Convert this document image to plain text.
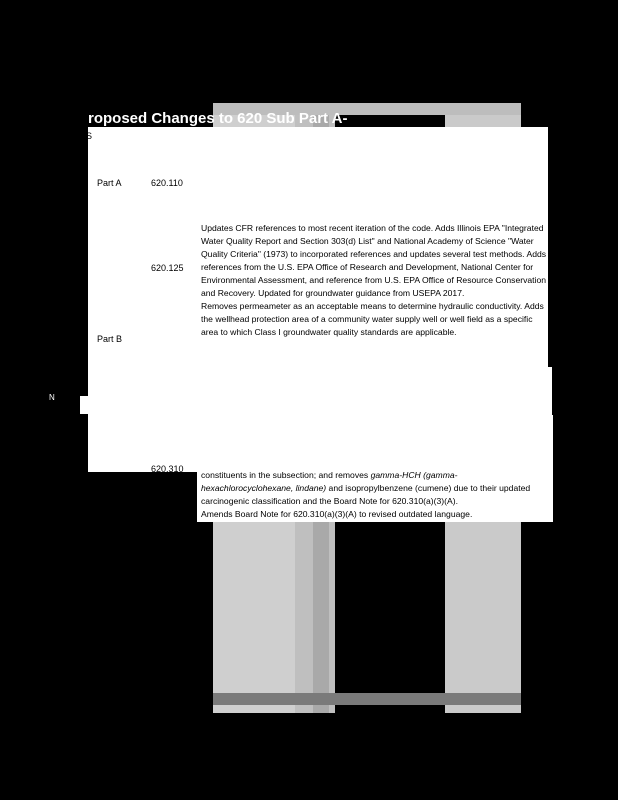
N
roposed Changes to 620 Sub Part A-
S
Part A	620.110
620.125
Part B
620.310
Updates CFR references to most recent iteration of the code. Adds Illinois EPA "Integrated Water Quality Report and Section 303(d) List" and National Academy of Science "Water Quality Criteria" (1973) to incorporated references and updates several test methods. Adds references from the U.S. EPA Office of Research and Development, National Center for Environmental Assessment, and reference from U.S. EPA Office of Resource Conservation and Recovery. Updated for groundwater guidance from USEPA 2017.
Removes permeameter as an acceptable means to determine hydraulic conductivity. Adds the wellhead protection area of a community water supply well or well field as a specific area to which Class I groundwater quality standards are applicable.
constituents in the subsection; and removes gamma-HCH (gamma-hexachlorocyclohexane, lindane) and isopropylbenzene (cumene) due to their updated carcinogenic classification and the Board Note for 620.310(a)(3)(A).
Amends Board Note for 620.310(a)(3)(A) to revised outdated language.
